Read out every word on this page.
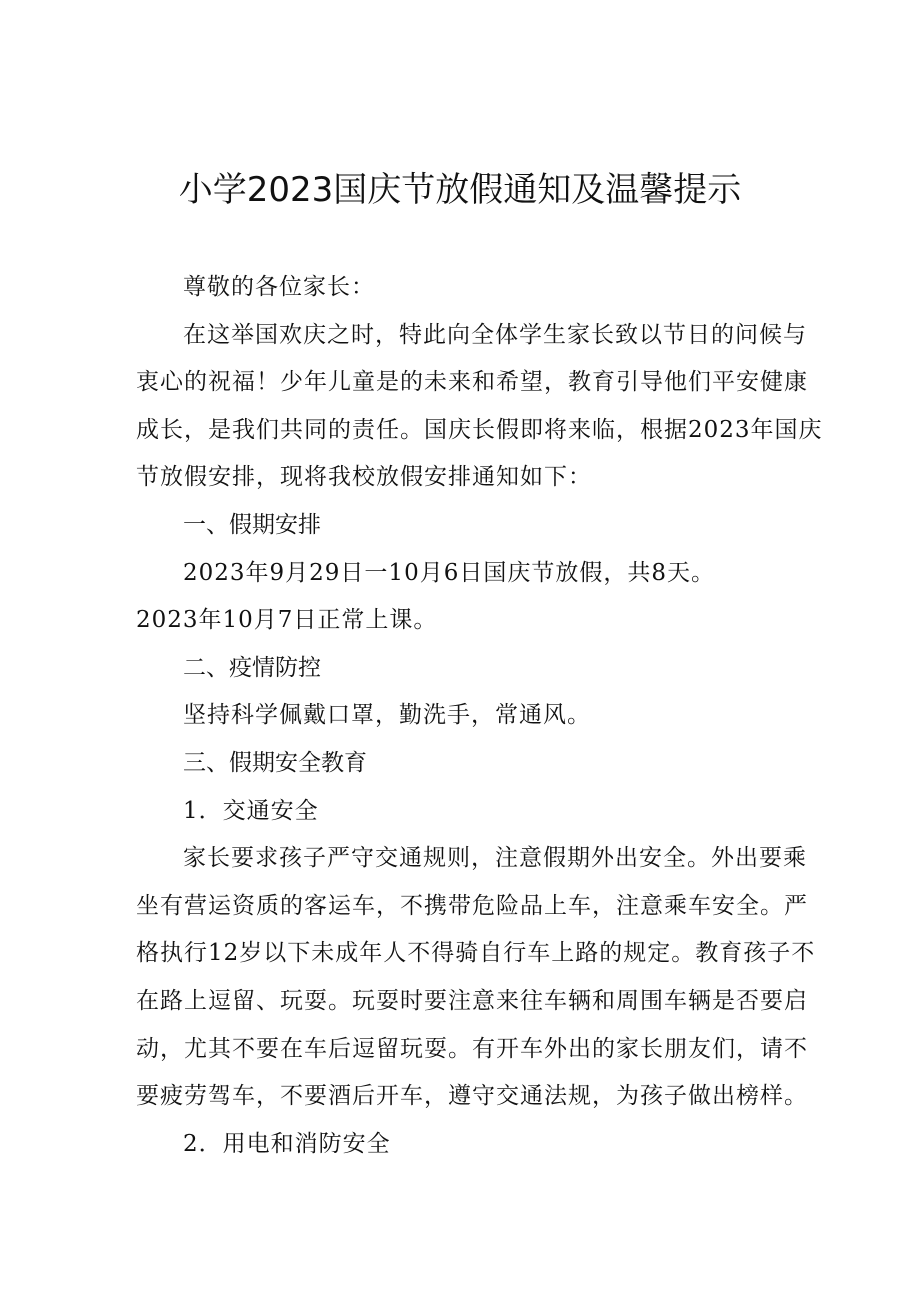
小学2023国庆节放假通知及温馨提示
尊敬的各位家长：
在这举国欢庆之时，特此向全体学生家长致以节日的问候与
衷心的祝福！少年儿童是的未来和希望，教育引导他们平安健康
成长，是我们共同的责任。国庆长假即将来临，根据2023年国庆
节放假安排，现将我校放假安排通知如下：
一、假期安排
2023年9月29日一10月6日国庆节放假，共8天。
2023年10月7日正常上课。
二、疫情防控
坚持科学佩戴口罩，勤洗手，常通风。
三、假期安全教育
1．交通安全
家长要求孩子严守交通规则，注意假期外出安全。外出要乘
坐有营运资质的客运车，不携带危险品上车，注意乘车安全。严
格执行12岁以下未成年人不得骑自行车上路的规定。教育孩子不
在路上逗留、玩耍。玩耍时要注意来往车辆和周围车辆是否要启
动，尤其不要在车后逗留玩耍。有开车外出的家长朋友们，请不
要疲劳驾车，不要酒后开车，遵守交通法规，为孩子做出榜样。
2．用电和消防安全
